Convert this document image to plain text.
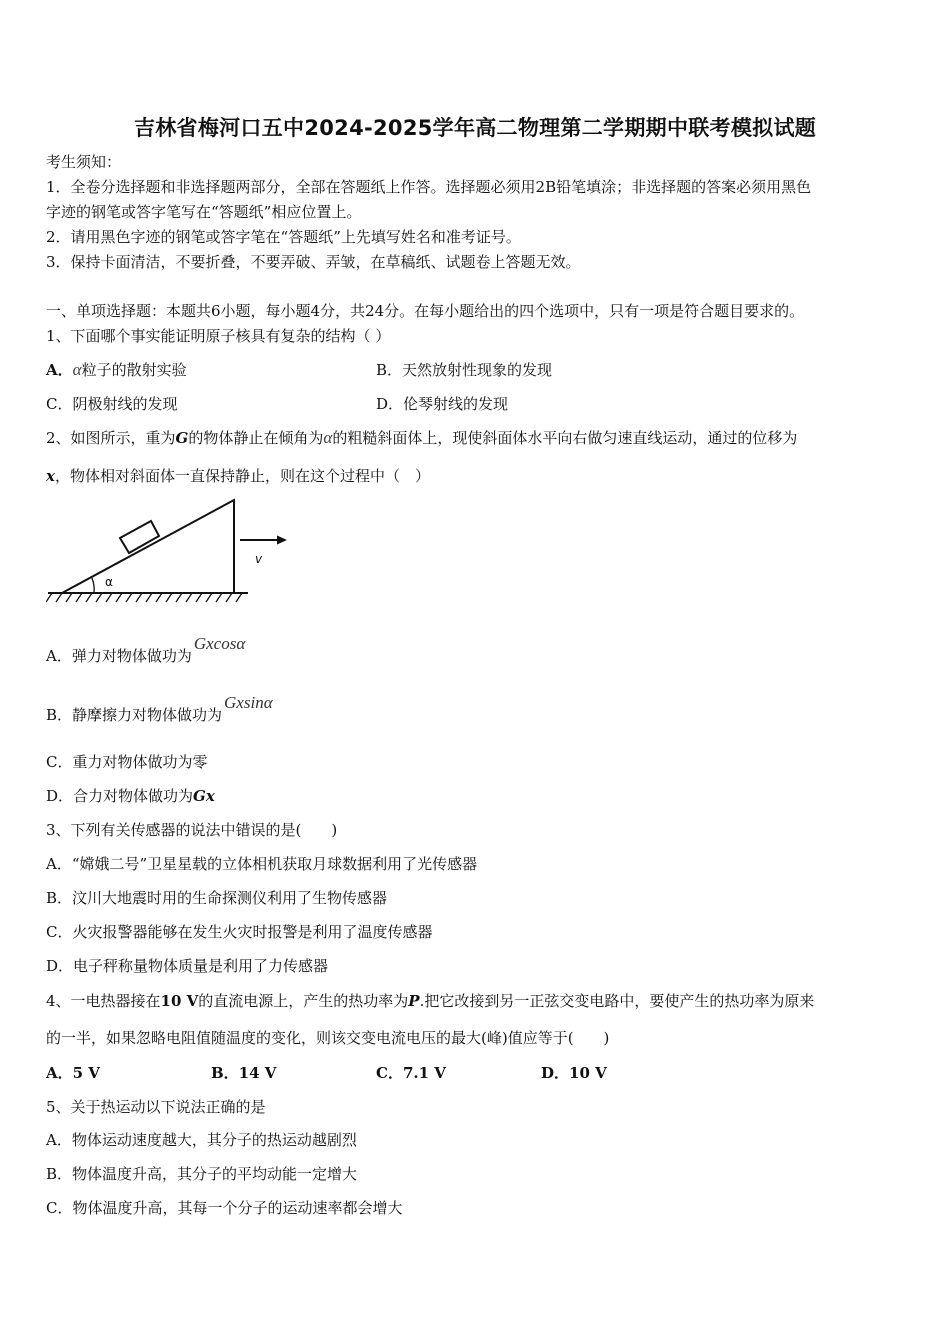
吉林省梅河口五中2024-2025学年高二物理第二学期期中联考模拟试题
考生须知：
1．全卷分选择题和非选择题两部分，全部在答题纸上作答。选择题必须用2B铅笔填涂；非选择题的答案必须用黑色
字迹的钢笔或答字笔写在“答题纸”相应位置上。
2．请用黑色字迹的钢笔或答字笔在“答题纸”上先填写姓名和准考证号。
3．保持卡面清洁，不要折叠，不要弄破、弄皱，在草稿纸、试题卷上答题无效。
一、单项选择题：本题共6小题，每小题4分，共24分。在每小题给出的四个选项中，只有一项是符合题目要求的。
1、下面哪个事实能证明原子核具有复杂的结构（ ）
A．α粒子的散射实验	B．天然放射性现象的发现
C．阴极射线的发现	D．伦琴射线的发现
2、如图所示，重为G的物体静止在倾角为α的粗糙斜面体上，现使斜面体水平向右做匀速直线运动，通过的位移为
x，物体相对斜面体一直保持静止，则在这个过程中（　）
α
v
A．弹力对物体做功为Gxcosα
B．静摩擦力对物体做功为Gxsinα
C．重力对物体做功为零
D．合力对物体做功为Gx
3、下列有关传感器的说法中错误的是(　　)
A．“嫦娥二号”卫星星载的立体相机获取月球数据利用了光传感器
B．汶川大地震时用的生命探测仪利用了生物传感器
C．火灾报警器能够在发生火灾时报警是利用了温度传感器
D．电子秤称量物体质量是利用了力传感器
4、一电热器接在10 V的直流电源上，产生的热功率为P.把它改接到另一正弦交变电路中，要使产生的热功率为原来
的一半，如果忽略电阻值随温度的变化，则该交变电流电压的最大(峰)值应等于(　　)
A．5 V	B．14 V	C．7.1 V	D．10 V
5、关于热运动以下说法正确的是
A．物体运动速度越大，其分子的热运动越剧烈
B．物体温度升高，其分子的平均动能一定增大
C．物体温度升高，其每一个分子的运动速率都会增大
